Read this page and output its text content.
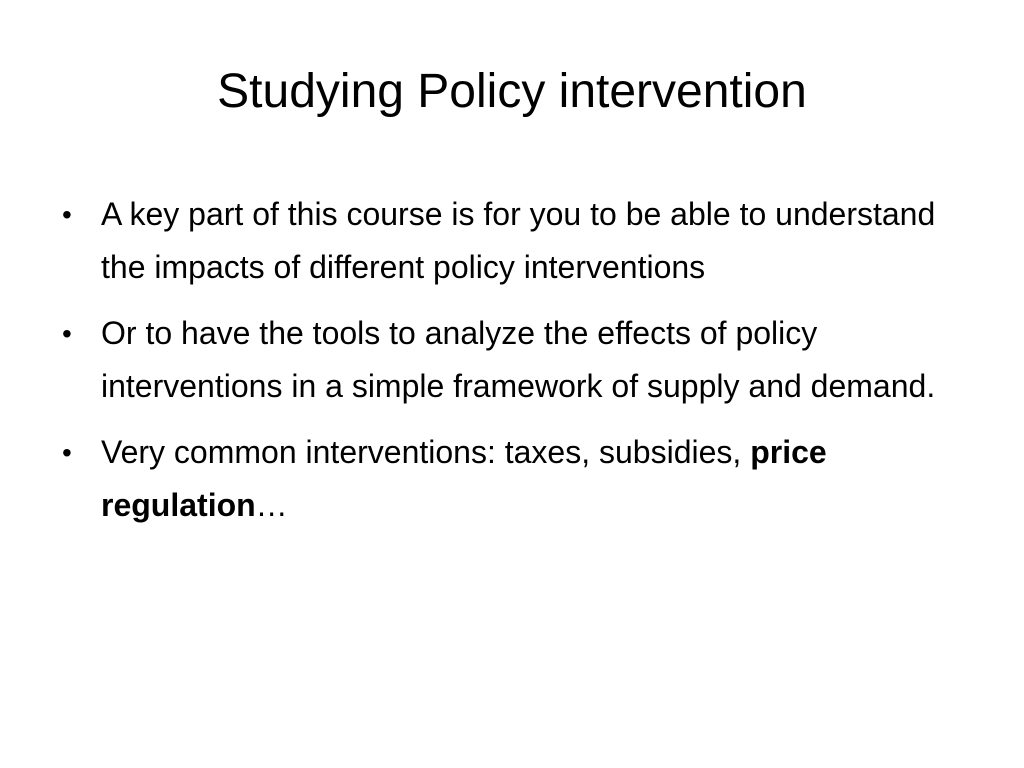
Studying Policy intervention
• A key part of this course is for you to be able to understand the impacts of different policy interventions
• Or to have the tools to analyze the effects of policy interventions in a simple framework of supply and demand.
• Very common interventions: taxes, subsidies, price regulation…
